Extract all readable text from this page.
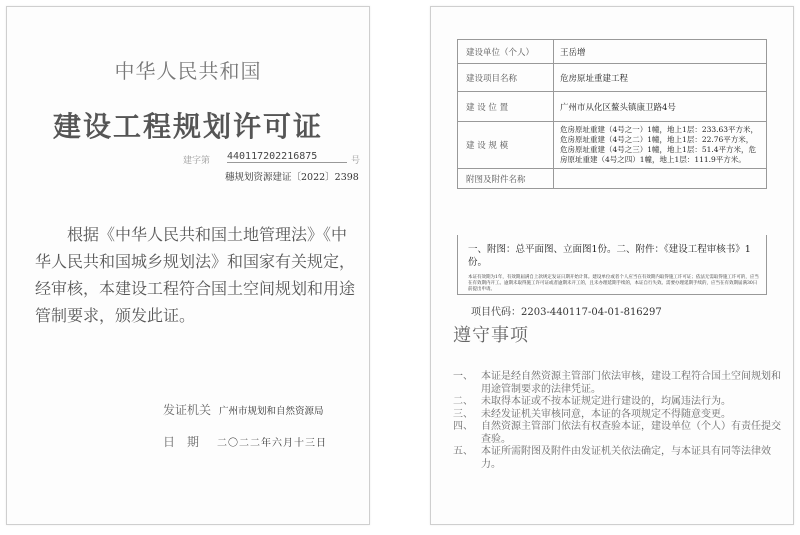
中华人民共和国
建设工程规划许可证
建字第 440117202216875	号
穗规划资源建证〔2022〕2398
根据《中华人民共和国土地管理法》《中华人民共和国城乡规划法》和国家有关规定，经审核，本建设工程符合国土空间规划和用途管制要求，颁发此证。
发证机关 广州市规划和自然资源局
日　期 二〇二二年六月十三日
建设单位（个人）	王岳增
建设项目名称	危房原址重建工程
建 设 位 置	广州市从化区鳌头镇康卫路4号
建 设 规 模	危房原址重建（4号之一）1幢，地上1层：233.63平方米，危房原址重建（4号之二）1幢，地上1层：22.76平方米，危房原址重建（4号之三）1幢，地上1层：51.4平方米，危房原址重建（4号之四）1幢，地上1层：111.9平方米。
附图及附件名称	
一、附图：总平面图、立面图1份。二、附件：《建设工程审核书》1份。
本证有效期为1年，有效期届满自上款规定发证日期开始计算。建设单位或者个人应当在有效期内取得施工许可证；依法无需取得施工许可的，应当在有效期内开工。逾期未取得施工许可证或者逾期未开工的，且未办理延期手续的，本证自行失效。需要办理延期手续的，应当在有效期届满30日前提出申请。
项目代码：2203-440117-04-01-816297
遵守事项
一、 本证是经自然资源主管部门依法审核，建设工程符合国土空间规划和用途管制要求的法律凭证。
二、 未取得本证或不按本证规定进行建设的，均属违法行为。
三、 未经发证机关审核同意，本证的各项规定不得随意变更。
四、 自然资源主管部门依法有权查验本证，建设单位（个人）有责任提交查验。
五、 本证所需附图及附件由发证机关依法确定，与本证具有同等法律效力。
